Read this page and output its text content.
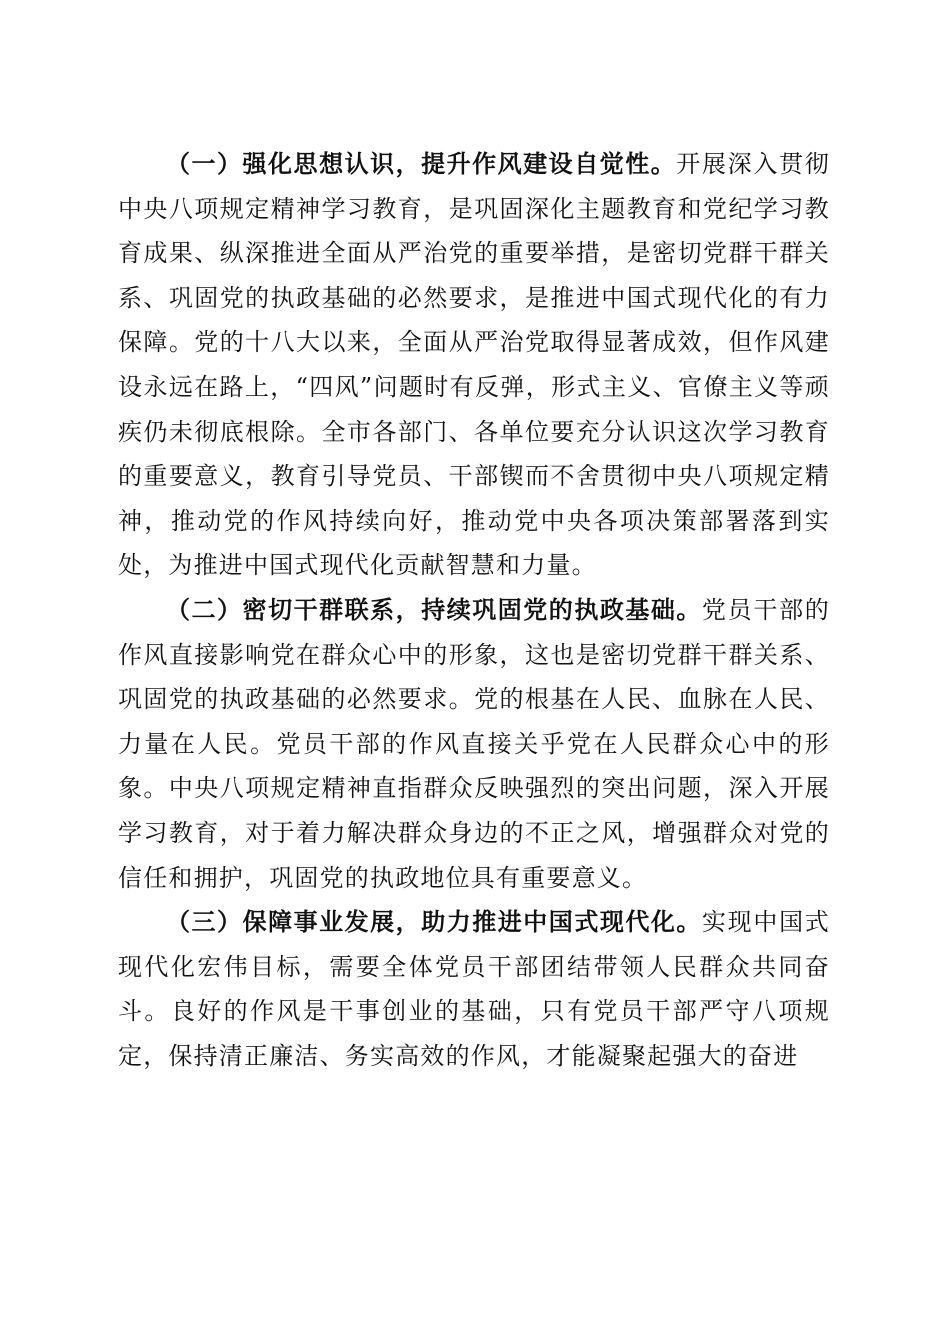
（一）强化思想认识，提升作风建设自觉性。开展深入贯彻中央八项规定精神学习教育，是巩固深化主题教育和党纪学习教育成果、纵深推进全面从严治党的重要举措，是密切党群干群关系、巩固党的执政基础的必然要求，是推进中国式现代化的有力保障。党的十八大以来，全面从严治党取得显著成效，但作风建设永远在路上，“四风”问题时有反弹，形式主义、官僚主义等顽疾仍未彻底根除。全市各部门、各单位要充分认识这次学习教育的重要意义，教育引导党员、干部锲而不舍贯彻中央八项规定精神，推动党的作风持续向好，推动党中央各项决策部署落到实处，为推进中国式现代化贡献智慧和力量。

（二）密切干群联系，持续巩固党的执政基础。党员干部的作风直接影响党在群众心中的形象，这也是密切党群干群关系、巩固党的执政基础的必然要求。党的根基在人民、血脉在人民、力量在人民。党员干部的作风直接关乎党在人民群众心中的形象。中央八项规定精神直指群众反映强烈的突出问题，深入开展学习教育，对于着力解决群众身边的不正之风，增强群众对党的信任和拥护，巩固党的执政地位具有重要意义。

（三）保障事业发展，助力推进中国式现代化。实现中国式现代化宏伟目标，需要全体党员干部团结带领人民群众共同奋斗。良好的作风是干事创业的基础，只有党员干部严守八项规定，保持清正廉洁、务实高效的作风，才能凝聚起强大的奋进
